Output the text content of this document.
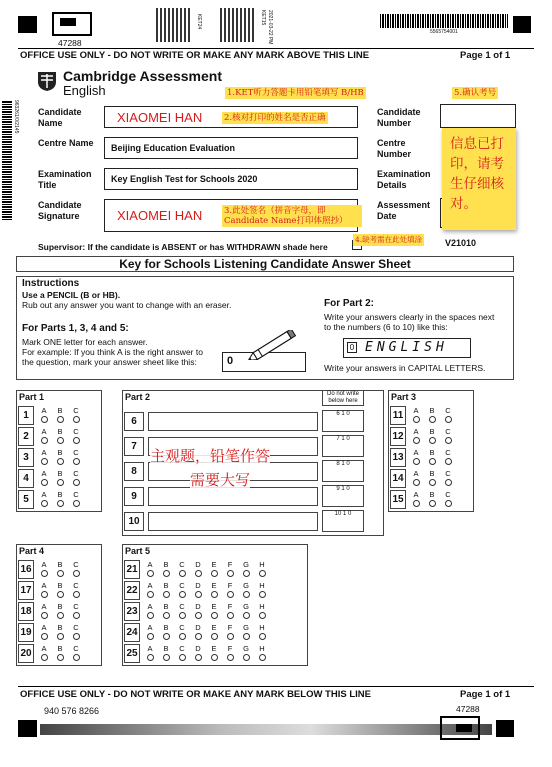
47288
KET24	KET15 2021-03-22 PM	5565754001
OFFICE USE ONLY - DO NOT WRITE OR MAKE ANY MARK ABOVE THIS LINE	Page 1 of 1
963261/0/2145
Cambridge Assessment
English
Candidate Name	XIAOMEI HAN
Centre Name	Beijing Education Evaluation
Examination Title
Key English Test for Schools 2020
Candidate Signature	XIAOMEI HAN
Candidate Number
Centre Number
Examination Details
Assessment Date
Supervisor: If the candidate is ABSENT or has WITHDRAWN shade here	V21010
1.KET听力答题卡用铅笔填写 B/HB
2.核对打印的姓名是否正确
3.此处签名（拼音字母，即Candidate Name打印体照抄）
4.缺考需在此处填涂
5.确认考号
信息已打印，请考生仔细核对。
Key for Schools Listening Candidate Answer Sheet
Instructions
Use a PENCIL (B or HB).
Rub out any answer you want to change with an eraser.
For Parts 1, 3, 4 and 5:
Mark ONE letter for each answer.
For example: If you think A is the right answer to
the question, mark your answer sheet like this:	0
For Part 2:
Write your answers clearly in the spaces next
to the numbers (6 to 10) like this:
0 ENGLISH
Write your answers in CAPITAL LETTERS.
Part 1
1	A	B	C
2	A	B	C
3	A	B	C
4	A	B	C
5	A	B	C
Part 2	Do not write below here
6
6 1 0
7
7 1 0
8
8 1 0
9
9 1 0
10
10 1 0
Part 3
11	A	B	C
12	A	B	C
13	A	B	C
14	A	B	C
15	A	B	C
Part 4
16	A	B	C
17	A	B	C
18	A	B	C
19	A	B	C
20	A	B	C
Part 5
21	A	B	C	D	E	F	G	H
22	A	B	C	D	E	F	G	H
23	A	B	C	D	E	F	G	H
24	A	B	C	D	E	F	G	H
25	A	B	C	D	E	F	G	H
主观题，铅笔作答
需要大写
OFFICE USE ONLY - DO NOT WRITE OR MAKE ANY MARK BELOW THIS LINE	Page 1 of 1
940 576 8266	47288
